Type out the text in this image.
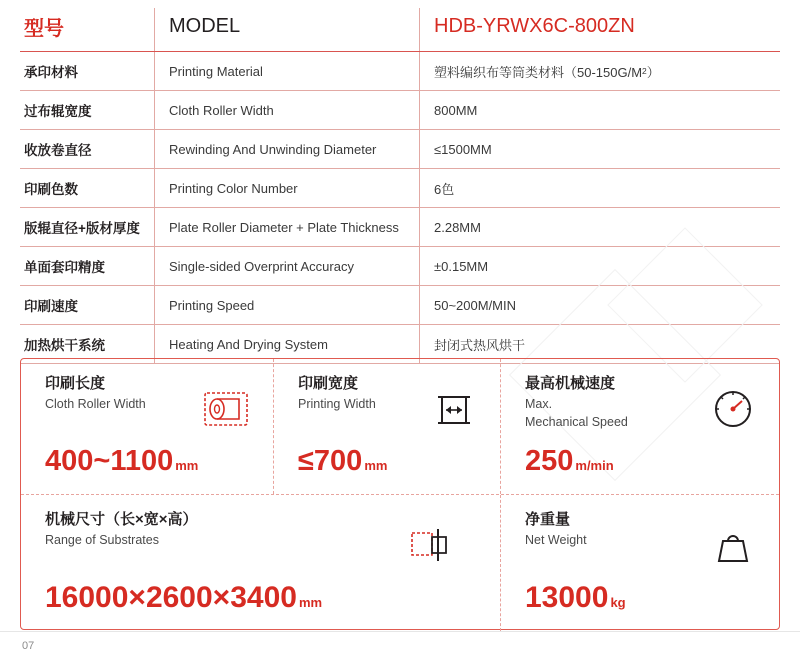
型号	MODEL	HDB-YRWX6C-800ZN
承印材料	Printing Material	塑料编织布等筒类材料（50-150G/M 2 ）
过布辊宽度	Cloth Roller Width	800MM
收放卷直径	Rewinding And Unwinding Diameter	≤1500MM
印刷色数	Printing Color Number	6色
版辊直径+版材厚度	Plate Roller Diameter + Plate Thickness	2.28MM
单面套印精度	Single-sided Overprint Accuracy	±0.15MM
印刷速度	Printing Speed	50~200M/MIN
加热烘干系统	Heating And Drying System	封闭式热风烘干
印刷长度
Cloth Roller Width
400~1100 mm
印刷宽度
Printing Width
≤700 mm
最高机械速度
Max.
Mechanical Speed
250 m/min
机械尺寸（长×宽×高）
Range of Substrates
16000×2600×3400 mm
净重量
Net Weight
13000 kg
07
